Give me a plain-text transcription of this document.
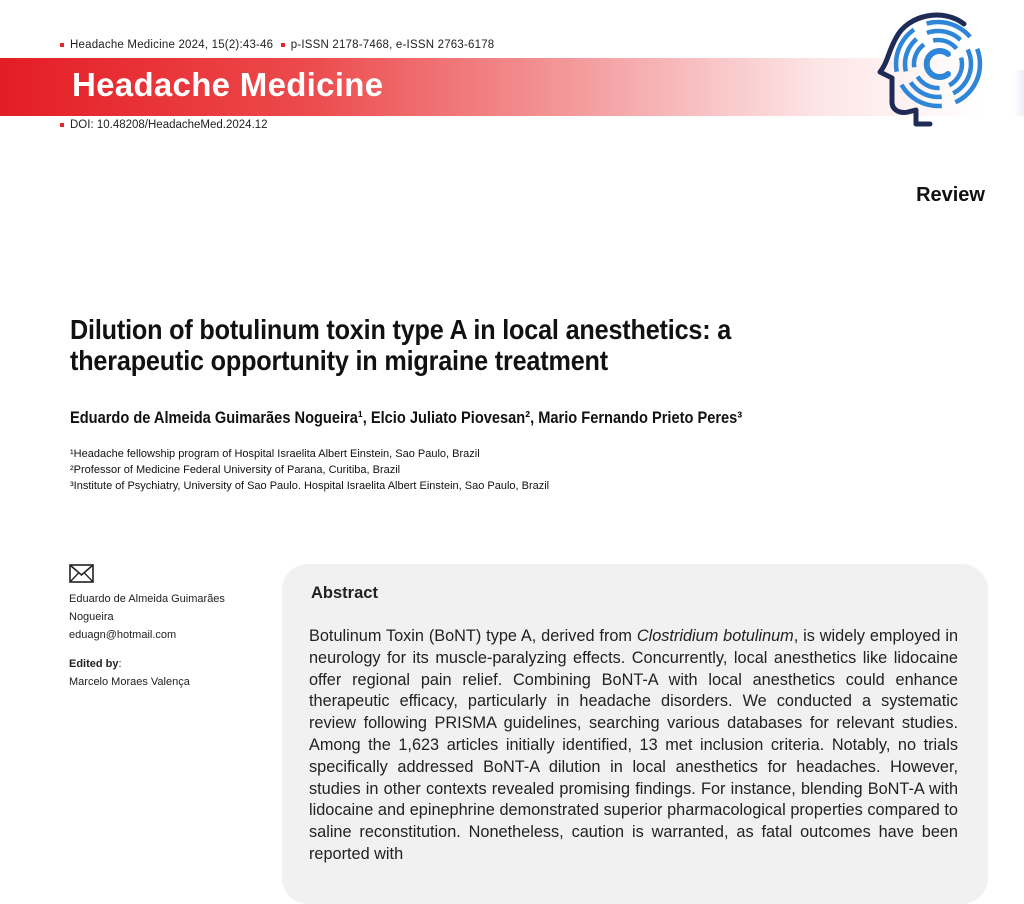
Headache Medicine 2024, 15(2):43-46 p-ISSN 2178-7468, e-ISSN 2763-6178
Headache Medicine
DOI: 10.48208/HeadacheMed.2024.12
Review
Dilution of botulinum toxin type A in local anesthetics: a therapeutic opportunity in migraine treatment
Eduardo de Almeida Guimarães Nogueira¹, Elcio Juliato Piovesan², Mario Fernando Prieto Peres³
¹Headache fellowship program of Hospital Israelita Albert Einstein, Sao Paulo, Brazil
²Professor of Medicine Federal University of Parana, Curitiba, Brazil
³Institute of Psychiatry, University of Sao Paulo. Hospital Israelita Albert Einstein, Sao Paulo, Brazil
Eduardo de Almeida Guimarães Nogueira
eduagn@hotmail.com
Edited by:
Marcelo Moraes Valença
Abstract

Botulinum Toxin (BoNT) type A, derived from Clostridium botulinum, is widely employed in neurology for its muscle-paralyzing effects. Concurrently, local anesthetics like lidocaine offer regional pain relief. Combining BoNT-A with local anesthetics could enhance therapeutic efficacy, particularly in headache disorders. We conducted a systematic review following PRISMA guidelines, searching various databases for relevant studies. Among the 1,623 articles initially identified, 13 met inclusion criteria. Notably, no trials specifically addressed BoNT-A dilution in local anesthetics for headaches. However, studies in other contexts revealed promising findings. For instance, blending BoNT-A with lidocaine and epinephrine demonstrated superior pharmacological properties compared to saline reconstitution. Nonetheless, caution is warranted, as fatal outcomes have been reported with
